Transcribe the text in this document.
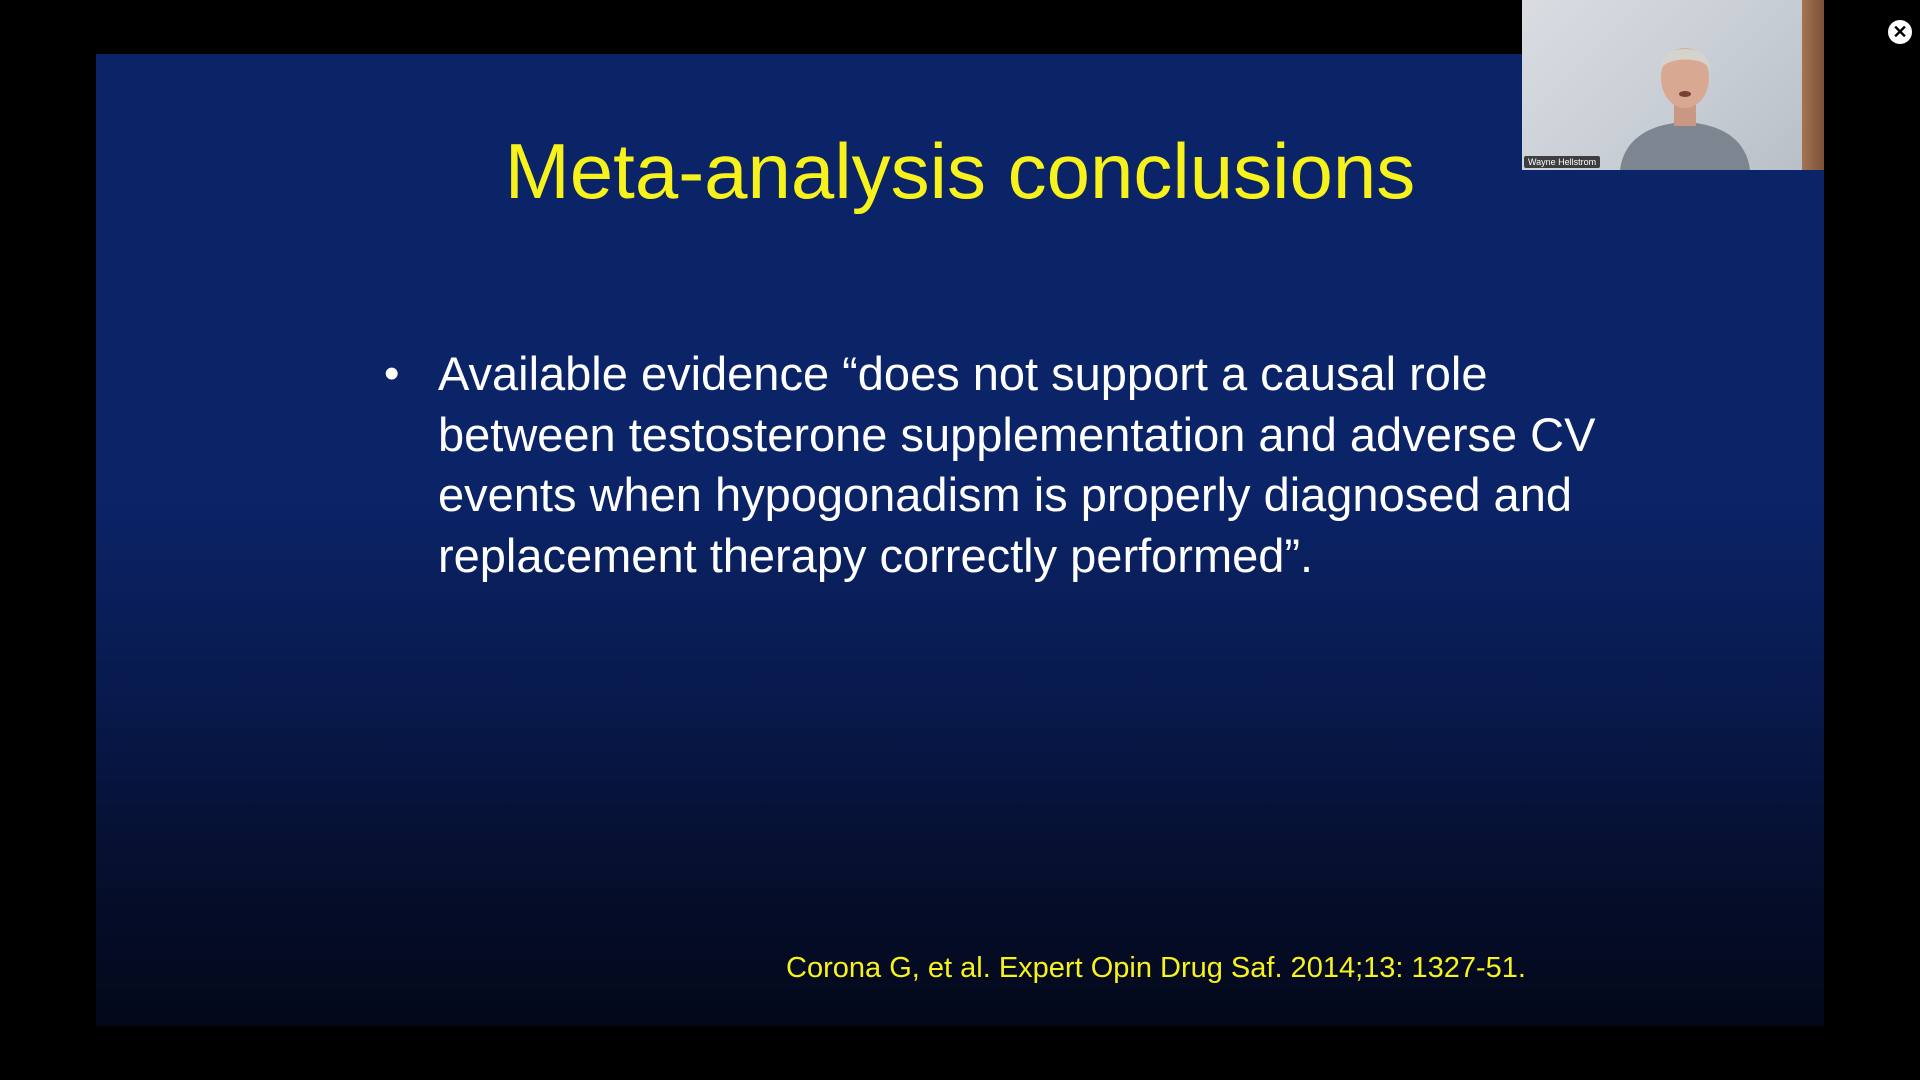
Meta-analysis conclusions
• Available evidence “does not support a causal role between testosterone supplementation and adverse CV events when hypogonadism is properly diagnosed and replacement therapy correctly performed”.

Corona G, et al. Expert Opin Drug Saf. 2014;13: 1327-51.
Wayne Hellstrom
✕
